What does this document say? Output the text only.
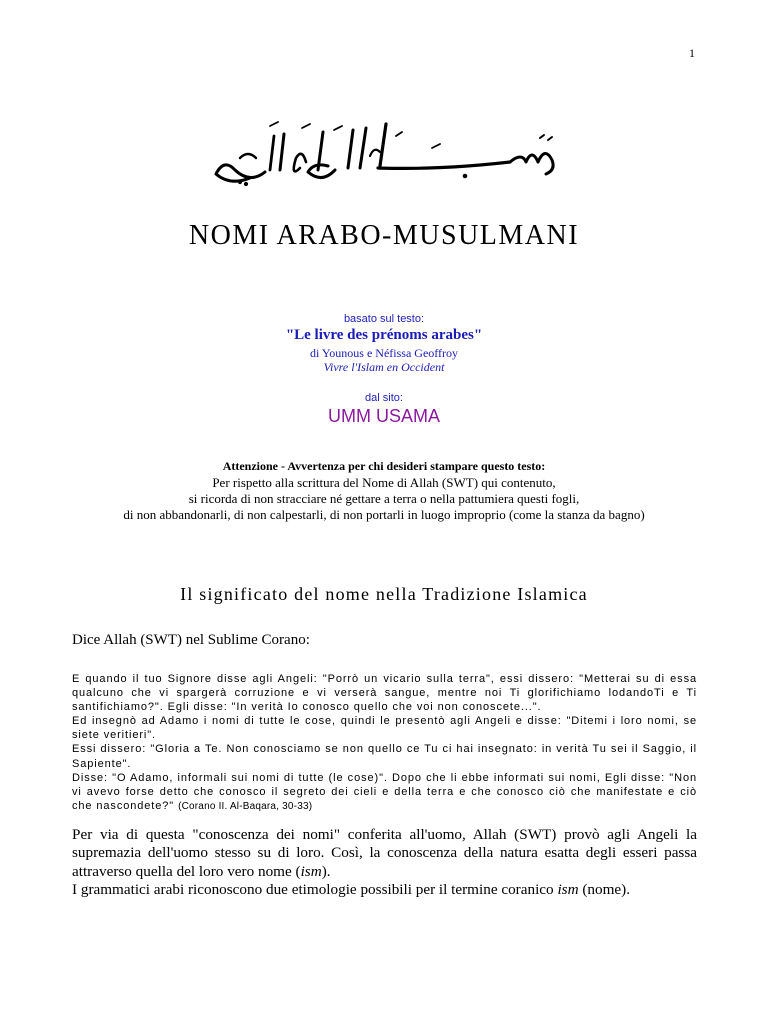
1
NOMI ARABO-MUSULMANI
basato sul testo:
"Le livre des prénoms arabes"
di Younous e Néfissa Geoffroy
Vivre l'Islam en Occident
dal sito:
UMM USAMA
Attenzione - Avvertenza per chi desideri stampare questo testo:
Per rispetto alla scrittura del Nome di Allah (SWT) qui contenuto,
si ricorda di non stracciare né gettare a terra o nella pattumiera questi fogli,
di non abbandonarli, di non calpestarli, di non portarli in luogo improprio (come la stanza da bagno)
Il significato del nome nella Tradizione Islamica
Dice Allah (SWT) nel Sublime Corano:

E quando il tuo Signore disse agli Angeli: "Porrò un vicario sulla terra", essi dissero: "Metterai su di essa qualcuno che vi spargerà corruzione e vi verserà sangue, mentre noi Ti glorifichiamo lodandoTi e Ti santifichiamo?". Egli disse: "In verità Io conosco quello che voi non conoscete...".

Ed insegnò ad Adamo i nomi di tutte le cose, quindi le presentò agli Angeli e disse: "Ditemi i loro nomi, se siete veritieri".

Essi dissero: "Gloria a Te. Non conosciamo se non quello ce Tu ci hai insegnato: in verità Tu sei il Saggio, il Sapiente".

Disse: "O Adamo, informali sui nomi di tutte (le cose)". Dopo che li ebbe informati sui nomi, Egli disse: "Non vi avevo forse detto che conosco il segreto dei cieli e della terra e che conosco ciò che manifestate e ciò che nascondete?" (Corano II. Al-Baqara, 30-33)

Per via di questa "conoscenza dei nomi" conferita all'uomo, Allah (SWT) provò agli Angeli la supremazia dell'uomo stesso su di loro. Così, la conoscenza della natura esatta degli esseri passa attraverso quella del loro vero nome (ism).

I grammatici arabi riconoscono due etimologie possibili per il termine coranico ism (nome).
